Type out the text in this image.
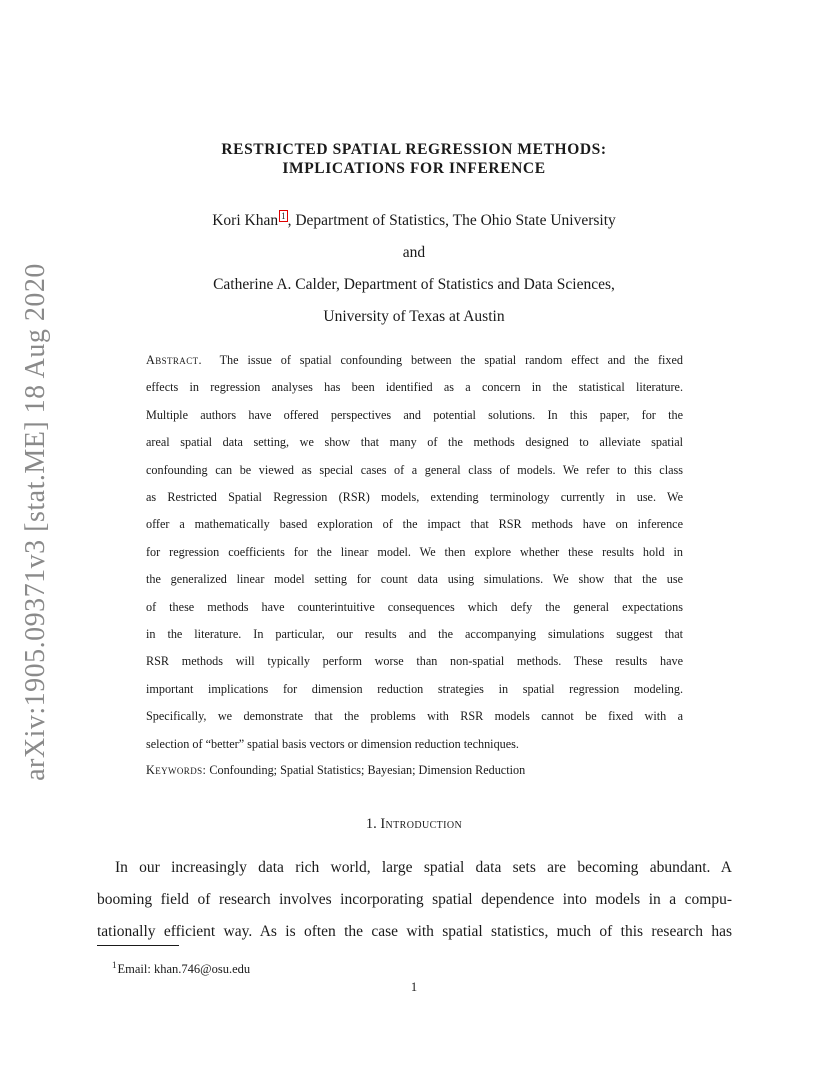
arXiv:1905.09371v3 [stat.ME] 18 Aug 2020
RESTRICTED SPATIAL REGRESSION METHODS:
IMPLICATIONS FOR INFERENCE
Kori Khan 1 , Department of Statistics, The Ohio State University
and
Catherine A. Calder, Department of Statistics and Data Sciences,
University of Texas at Austin
Abstract. The issue of spatial confounding between the spatial random effect and the fixed
effects in regression analyses has been identified as a concern in the statistical literature.
Multiple authors have offered perspectives and potential solutions. In this paper, for the
areal spatial data setting, we show that many of the methods designed to alleviate spatial
confounding can be viewed as special cases of a general class of models. We refer to this class
as Restricted Spatial Regression (RSR) models, extending terminology currently in use. We
offer a mathematically based exploration of the impact that RSR methods have on inference
for regression coefficients for the linear model. We then explore whether these results hold in
the generalized linear model setting for count data using simulations. We show that the use
of these methods have counterintuitive consequences which defy the general expectations
in the literature. In particular, our results and the accompanying simulations suggest that
RSR methods will typically perform worse than non-spatial methods. These results have
important implications for dimension reduction strategies in spatial regression modeling.
Specifically, we demonstrate that the problems with RSR models cannot be fixed with a
selection of “better” spatial basis vectors or dimension reduction techniques.
Keywords: Confounding; Spatial Statistics; Bayesian; Dimension Reduction
1. Introduction
In our increasingly data rich world, large spatial data sets are becoming abundant. A
booming field of research involves incorporating spatial dependence into models in a compu-
tationally efficient way. As is often the case with spatial statistics, much of this research has
$^1$Email: khan.746@osu.edu
1
